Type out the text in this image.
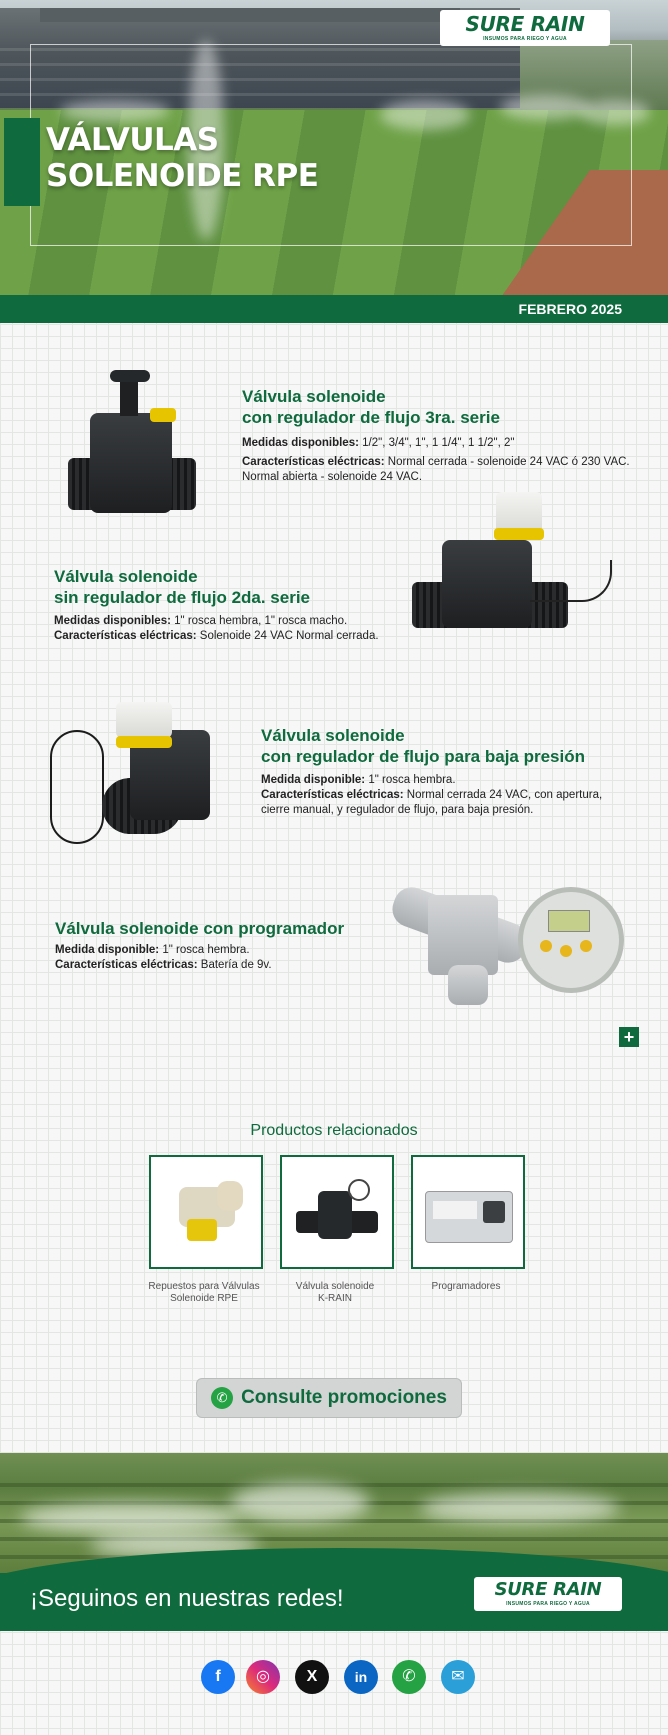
VÁLVULAS
SOLENOIDE RPE
SURE RAIN
INSUMOS PARA RIEGO Y AGUA
FEBRERO 2025
Válvula solenoide
con regulador de flujo 3ra. serie
Medidas disponibles: 1/2", 3/4", 1", 1 1/4", 1 1/2", 2"
Características eléctricas: Normal cerrada - solenoide 24 VAC ó 230 VAC.
Normal abierta - solenoide 24 VAC.
Válvula solenoide
sin regulador de flujo 2da. serie
Medidas disponibles: 1" rosca hembra, 1" rosca macho.
Características eléctricas: Solenoide 24 VAC Normal cerrada.
Válvula solenoide
con regulador de flujo para baja presión
Medida disponible: 1" rosca hembra.
Características eléctricas: Normal cerrada 24 VAC, con apertura,
cierre manual, y regulador de flujo, para baja presión.
Válvula solenoide con programador
Medida disponible: 1" rosca hembra.
Características eléctricas: Batería de 9v.
+
Productos relacionados
Repuestos para Válvulas
Solenoide RPE
Válvula solenoide
K-RAIN
Programadores
✆ Consulte promociones
¡Seguinos en nuestras redes!	SURE RAIN
INSUMOS PARA RIEGO Y AGUA
f	◎	X	in	✆	✉
